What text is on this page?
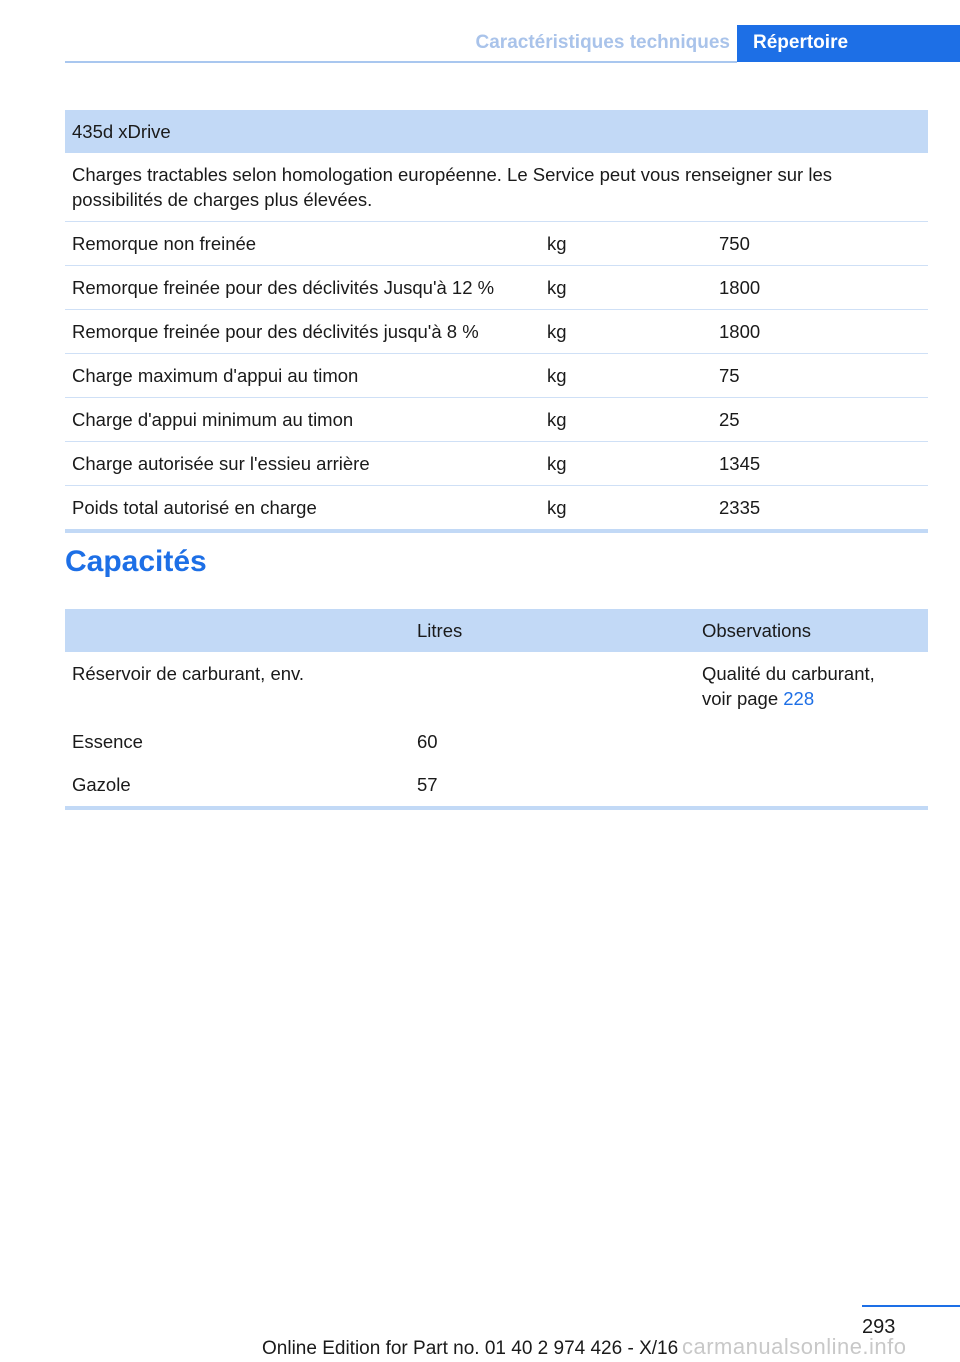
Caractéristiques techniques	Répertoire
435d xDrive		
Charges tractables selon homologation européenne. Le Service peut vous renseigner sur les possibilités de charges plus élevées.		
Remorque non freinée	kg	750
Remorque freinée pour des déclivités Jusqu'à 12 %	kg	1800
Remorque freinée pour des déclivités jusqu'à 8 %	kg	1800
Charge maximum d'appui au timon	kg	75
Charge d'appui minimum au timon	kg	25
Charge autorisée sur l'essieu arrière	kg	1345
Poids total autorisé en charge	kg	2335
Capacités
	Litres	Observations
Réservoir de carburant, env.		Qualité du carburant,
voir page 228
Essence	60	
Gazole	57	
293
Online Edition for Part no. 01 40 2 974 426 - X/16 carmanualsonline.info
